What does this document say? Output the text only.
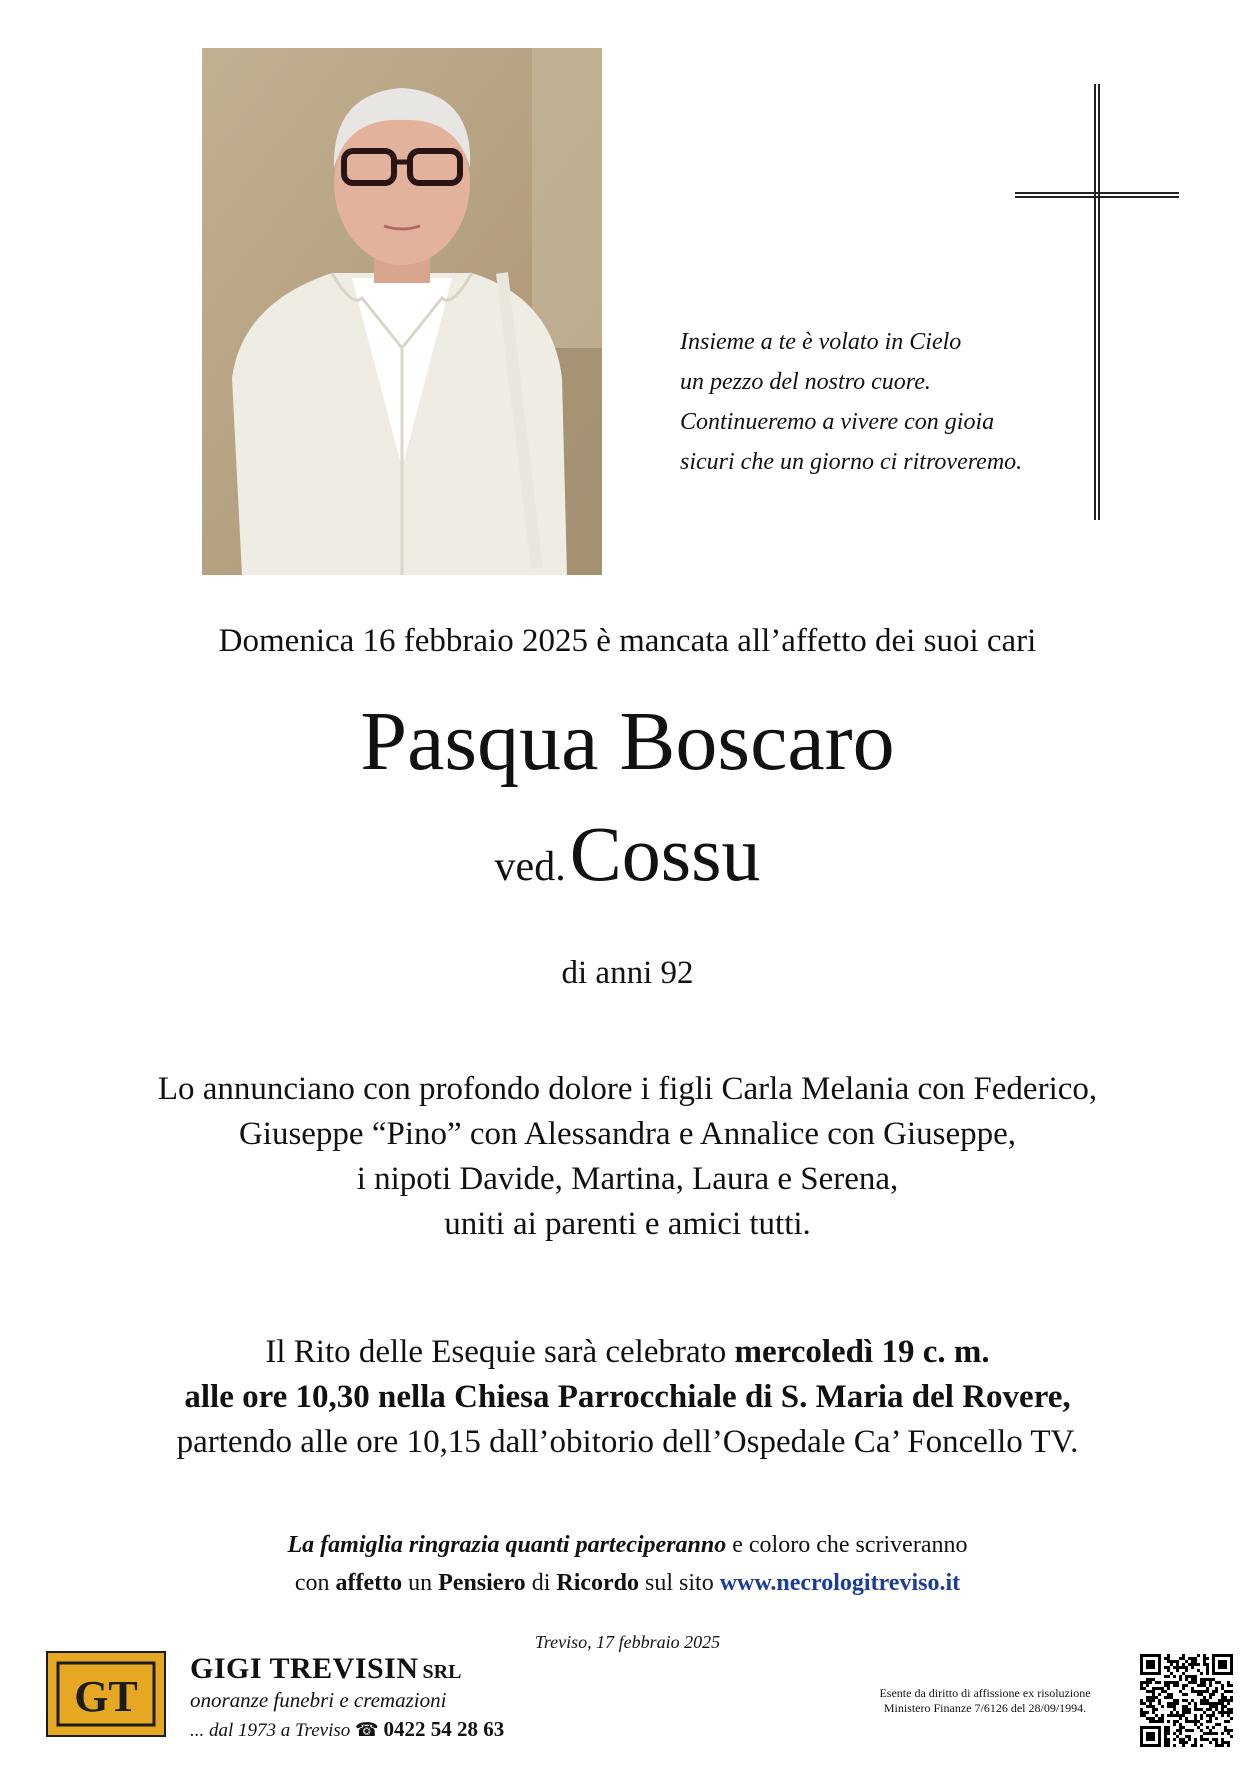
Insieme a te è volato in Cielo
un pezzo del nostro cuore.
Continueremo a vivere con gioia
sicuri che un giorno ci ritroveremo.
Domenica 16 febbraio 2025 è mancata all’affetto dei suoi cari
Pasqua Boscaro
ved. Cossu
di anni 92
Lo annunciano con profondo dolore i figli Carla Melania con Federico,
Giuseppe “Pino” con Alessandra e Annalice con Giuseppe,
i nipoti Davide, Martina, Laura e Serena,
uniti ai parenti e amici tutti.
Il Rito delle Esequie sarà celebrato mercoledì 19 c. m.
alle ore 10,30 nella Chiesa Parrocchiale di S. Maria del Rovere,
partendo alle ore 10,15 dall’obitorio dell’Ospedale Ca’ Foncello TV.
La famiglia ringrazia quanti parteciperanno e coloro che scriveranno
con affetto un Pensiero di Ricordo sul sito www.necrologitreviso.it
Treviso, 17 febbraio 2025
GT
GIGI TREVISIN SRL
onoranze funebri e cremazioni
... dal 1973 a Treviso ☎ 0422 54 28 63
Esente da diritto di affissione ex risoluzione
Ministero Finanze 7/6126 del 28/09/1994.
